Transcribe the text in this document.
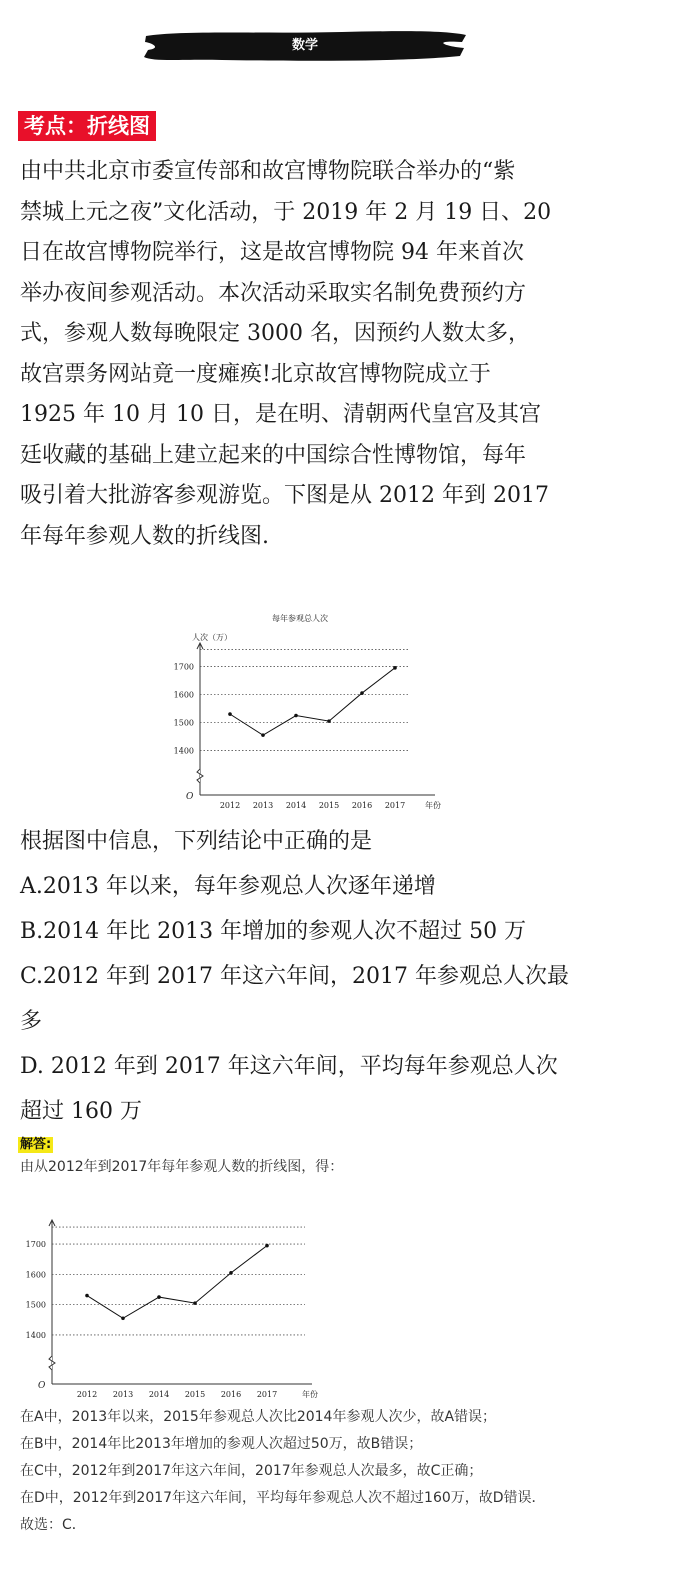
数学
考点：折线图

由中共北京市委宣传部和故宫博物院联合举办的“紫

禁城上元之夜”文化活动，于 2019 年 2 月 19 日、20

日在故宫博物院举行，这是故宫博物院 94 年来首次

举办夜间参观活动。本次活动采取实名制免费预约方

式，参观人数每晚限定 3000 名，因预约人数太多，

故宫票务网站竟一度瘫痪!北京故宫博物院成立于

1925 年 10 月 10 日，是在明、清朝两代皇宫及其宫

廷收藏的基础上建立起来的中国综合性博物馆，每年

吸引着大批游客参观游览。下图是从 2012 年到 2017

年每年参观人数的折线图.

每年参观总人次
人次（万）
O
1400
1500
1600
1700
2012 2013 2014 2015 2016 2017 年份
根据图中信息，下列结论中正确的是

A.2013 年以来，每年参观总人次逐年递增

B.2014 年比 2013 年增加的参观人次不超过 50 万

C.2012 年到 2017 年这六年间，2017 年参观总人次最

多

D. 2012 年到 2017 年这六年间，平均每年参观总人次

超过 160 万

解答:
由从2012年到2017年每年参观人数的折线图，得：
O
1400
1500
1600
1700
2012 2013 2014 2015 2016 2017	年份

在A中，2013年以来，2015年参观总人次比2014年参观人次少，故A错误；

在B中，2014年比2013年增加的参观人次超过50万，故B错误；

在C中，2012年到2017年这六年间，2017年参观总人次最多，故C正确；

在D中，2012年到2017年这六年间，平均每年参观总人次不超过160万，故D错误．

故选：C．
